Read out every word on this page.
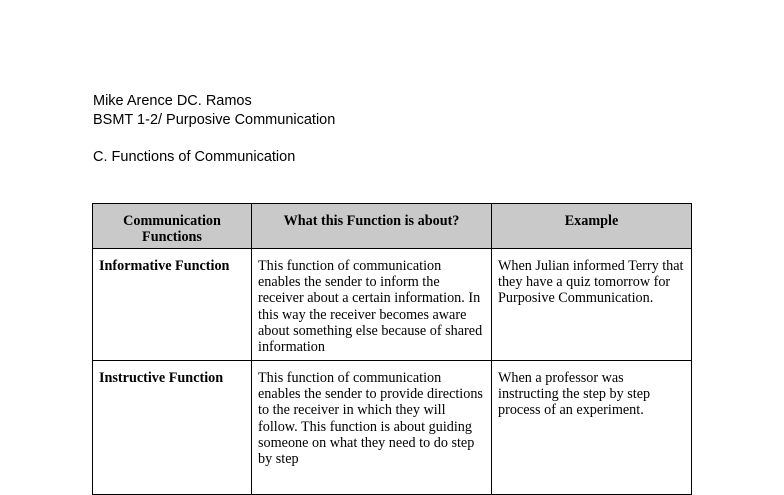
Mike Arence DC. Ramos
BSMT 1-2/ Purposive Communication
C. Functions of Communication
Communication Functions	What this Function is about?	Example
Informative Function	This function of communication enables the sender to inform the receiver about a certain information. In this way the receiver becomes aware about something else because of shared information	When Julian informed Terry that they have a quiz tomorrow for Purposive Communication.
Instructive Function	This function of communication enables the sender to provide directions to the receiver in which they will follow. This function is about guiding someone on what they need to do step by step	When a professor was instructing the step by step process of an experiment.
